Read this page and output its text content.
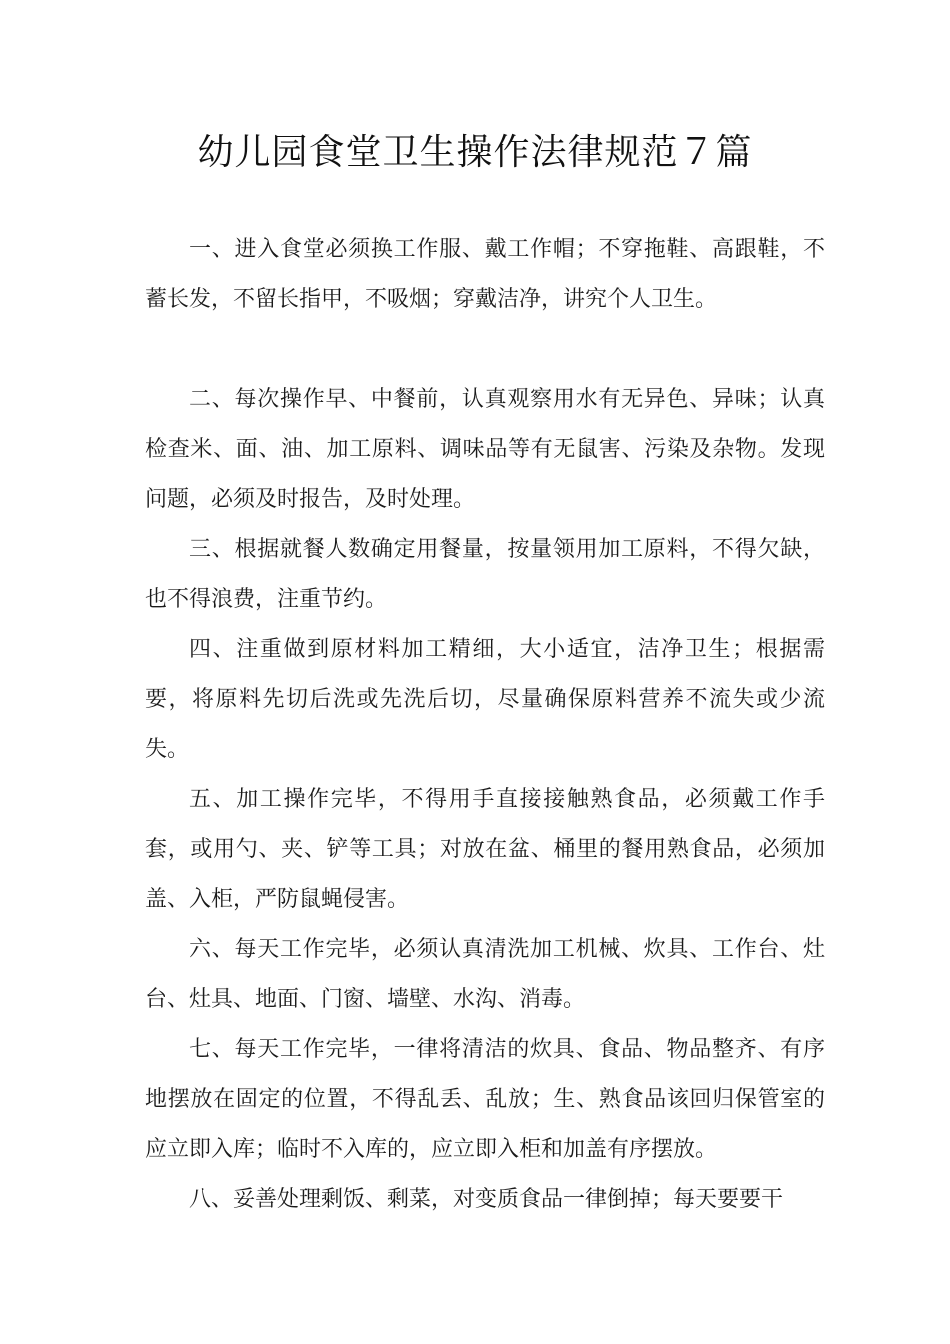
幼儿园食堂卫生操作法律规范７篇

一、进入食堂必须换工作服、戴工作帽；不穿拖鞋、高跟鞋，不蓄长发，不留长指甲，不吸烟；穿戴洁净，讲究个人卫生。

二、每次操作早、中餐前，认真观察用水有无异色、异味；认真检查米、面、油、加工原料、调味品等有无鼠害、污染及杂物。发现问题，必须及时报告，及时处理。

三、根据就餐人数确定用餐量，按量领用加工原料，不得欠缺，也不得浪费，注重节约。

四、注重做到原材料加工精细，大小适宜，洁净卫生；根据需要，将原料先切后洗或先洗后切，尽量确保原料营养不流失或少流失。

五、加工操作完毕，不得用手直接接触熟食品，必须戴工作手套，或用勺、夹、铲等工具；对放在盆、桶里的餐用熟食品，必须加盖、入柜，严防鼠蝇侵害。

六、每天工作完毕，必须认真清洗加工机械、炊具、工作台、灶台、灶具、地面、门窗、墙壁、水沟、消毒。

七、每天工作完毕，一律将清洁的炊具、食品、物品整齐、有序地摆放在固定的位置，不得乱丢、乱放；生、熟食品该回归保管室的应立即入库；临时不入库的，应立即入柜和加盖有序摆放。

八、妥善处理剩饭、剩菜，对变质食品一律倒掉；每天要要干
